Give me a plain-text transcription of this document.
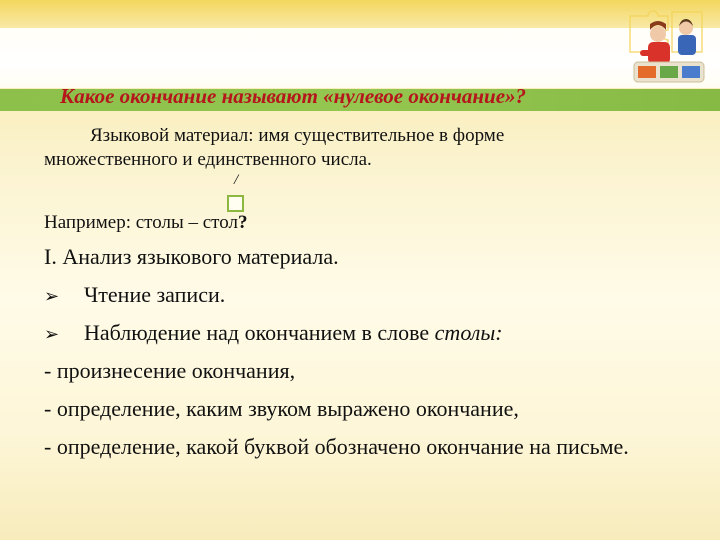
Какое окончание называют «нулевое окончание»?
Языковой материал: имя существительное в форме
множественного и единственного числа.
/
Например: столы – стол?
I. Анализ языкового материала.
➢ Чтение записи.
➢ Наблюдение над окончанием в слове столы:
- произнесение окончания,
- определение, каким звуком выражено окончание,
- определение, какой буквой обозначено окончание на письме.
